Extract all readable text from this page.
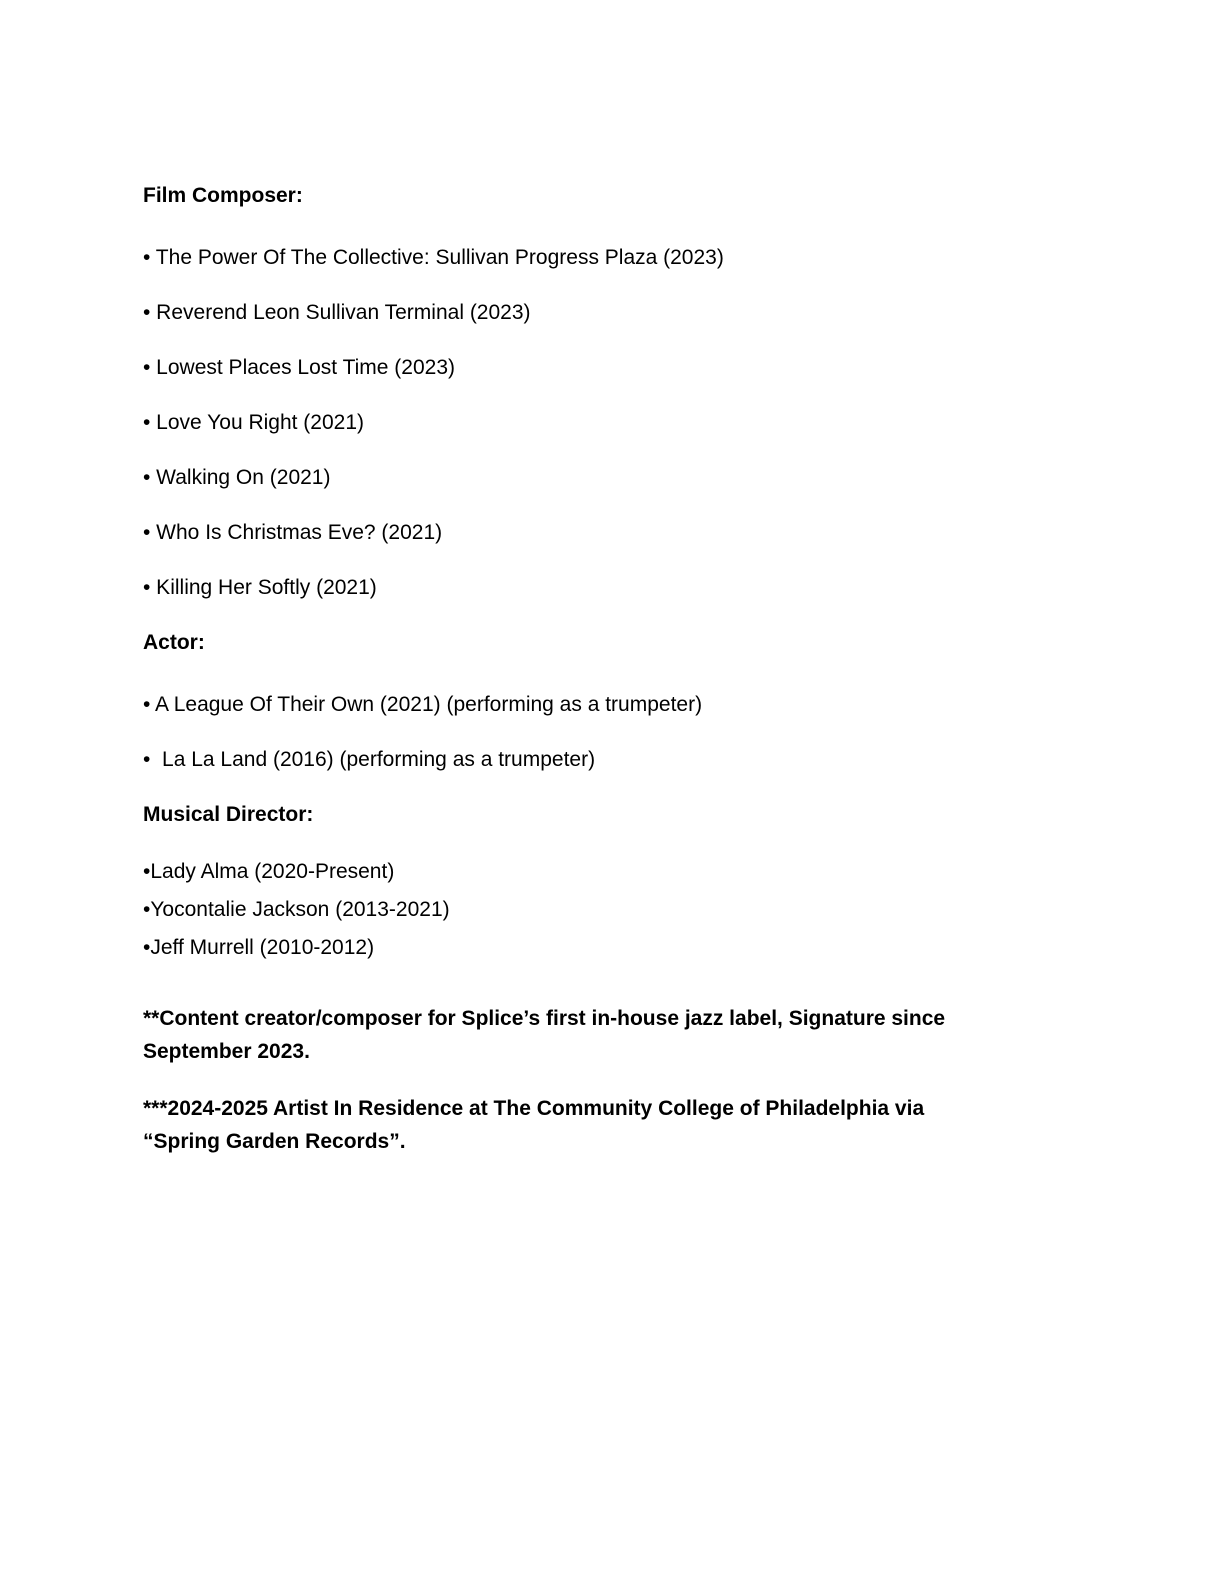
Film Composer:
• The Power Of The Collective: Sullivan Progress Plaza (2023)
• Reverend Leon Sullivan Terminal (2023)
• Lowest Places Lost Time (2023)
• Love You Right (2021)
• Walking On (2021)
• Who Is Christmas Eve? (2021)
• Killing Her Softly (2021)
Actor:
• A League Of Their Own (2021) (performing as a trumpeter)
•  La La Land (2016) (performing as a trumpeter)
Musical Director:
•Lady Alma (2020-Present)
•Yocontalie Jackson (2013-2021)
•Jeff Murrell (2010-2012)
**Content creator/composer for Splice’s first in-house jazz label, Signature since
September 2023.
***2024-2025 Artist In Residence at The Community College of Philadelphia via
“Spring Garden Records”.
